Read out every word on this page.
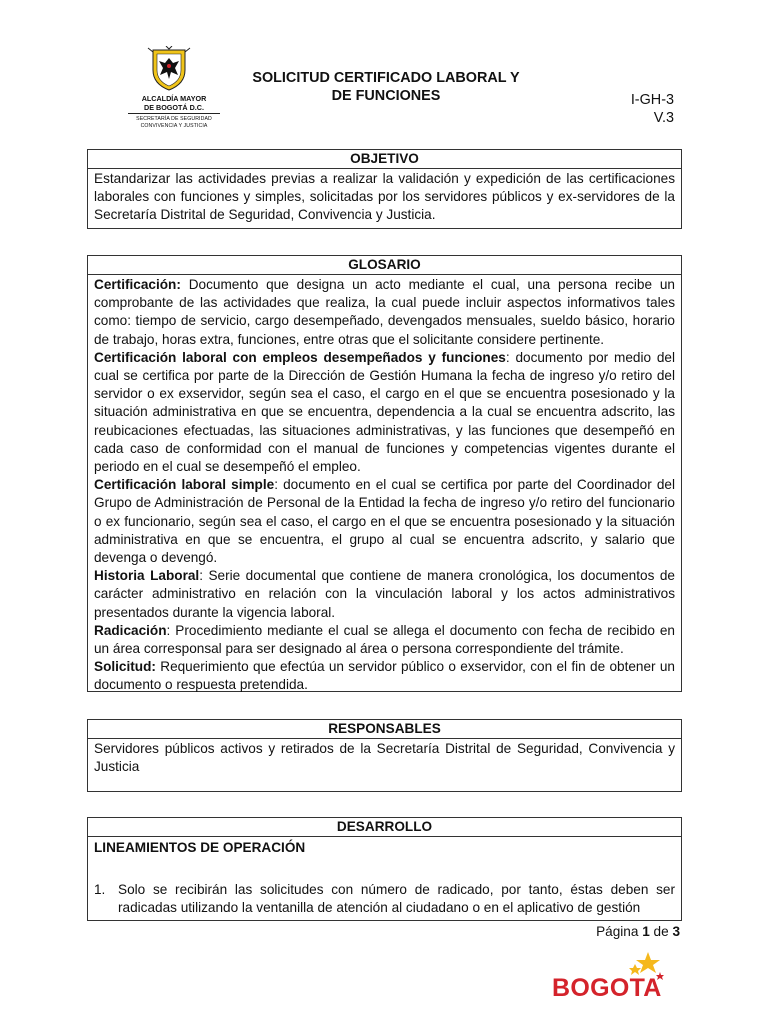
ALCALDÍA MAYOR
DE BOGOTÁ D.C.
SECRETARÍA DE SEGURIDAD
CONVIVENCIA Y JUSTICIA
SOLICITUD CERTIFICADO LABORAL Y
DE FUNCIONES	I-GH-3
V.3
OBJETIVO

Estandarizar las actividades previas a realizar la validación y expedición de las certificaciones laborales con funciones y simples, solicitadas por los servidores públicos y ex-servidores de la Secretaría Distrital de Seguridad, Convivencia y Justicia.

GLOSARIO

Certificación: Documento que designa un acto mediante el cual, una persona recibe un comprobante de las actividades que realiza, la cual puede incluir aspectos informativos tales como: tiempo de servicio, cargo desempeñado, devengados mensuales, sueldo básico, horario de trabajo, horas extra, funciones, entre otras que el solicitante considere pertinente.

Certificación laboral con empleos desempeñados y funciones: documento por medio del cual se certifica por parte de la Dirección de Gestión Humana la fecha de ingreso y/o retiro del servidor o ex exservidor, según sea el caso, el cargo en el que se encuentra posesionado y la situación administrativa en que se encuentra, dependencia a la cual se encuentra adscrito, las reubicaciones efectuadas, las situaciones administrativas, y las funciones que desempeñó en cada caso de conformidad con el manual de funciones y competencias vigentes durante el periodo en el cual se desempeñó el empleo.

Certificación laboral simple: documento en el cual se certifica por parte del Coordinador del Grupo de Administración de Personal de la Entidad la fecha de ingreso y/o retiro del funcionario o ex funcionario, según sea el caso, el cargo en el que se encuentra posesionado y la situación administrativa en que se encuentra, el grupo al cual se encuentra adscrito, y salario que devenga o devengó.

Historia Laboral: Serie documental que contiene de manera cronológica, los documentos de carácter administrativo en relación con la vinculación laboral y los actos administrativos presentados durante la vigencia laboral.

Radicación: Procedimiento mediante el cual se allega el documento con fecha de recibido en un área corresponsal para ser designado al área o persona correspondiente del trámite.

Solicitud: Requerimiento que efectúa un servidor público o exservidor, con el fin de obtener un documento o respuesta pretendida.

RESPONSABLES

Servidores públicos activos y retirados de la Secretaría Distrital de Seguridad, Convivencia y Justicia

DESARROLLO

LINEAMIENTOS DE OPERACIÓN

1. Solo se recibirán las solicitudes con número de radicado, por tanto, éstas deben ser radicadas utilizando la ventanilla de atención al ciudadano o en el aplicativo de gestión
Página 1 de 3
BOGOTA
